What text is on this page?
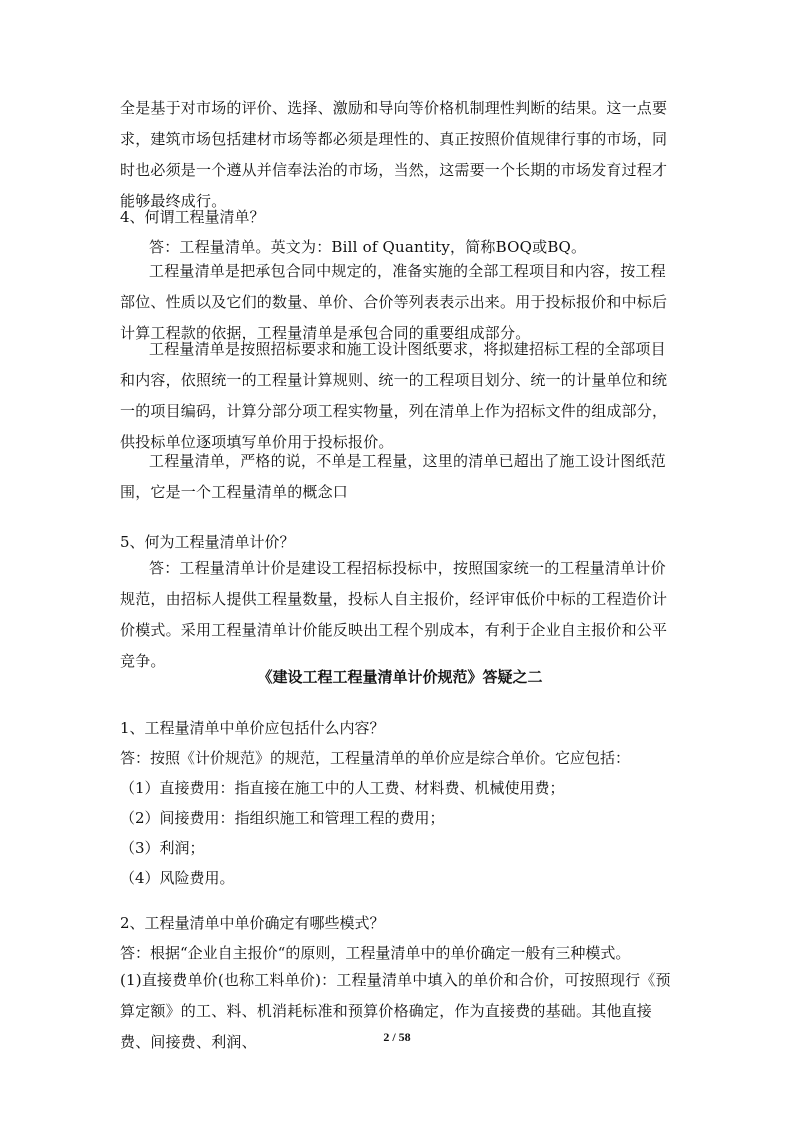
全是基于对市场的评价、选择、激励和导向等价格机制理性判断的结果。这一点要求，建筑市场包括建材市场等都必须是理性的、真正按照价值规律行事的市场，同时也必须是一个遵从并信奉法治的市场，当然，这需要一个长期的市场发育过程才能够最终成行。
4、何谓工程量清单？
答：工程量清单。英文为：Bill of Quantity，简称BOQ或BQ。
工程量清单是把承包合同中规定的，准备实施的全部工程项目和内容，按工程部位、性质以及它们的数量、单价、合价等列表表示出来。用于投标报价和中标后计算工程款的依据，工程量清单是承包合同的重要组成部分。
工程量清单是按照招标要求和施工设计图纸要求，将拟建招标工程的全部项目和内容，依照统一的工程量计算规则、统一的工程项目划分、统一的计量单位和统一的项目编码，计算分部分项工程实物量，列在清单上作为招标文件的组成部分，供投标单位逐项填写单价用于投标报价。
工程量清单，严格的说，不单是工程量，这里的清单已超出了施工设计图纸范围，它是一个工程量清单的概念口
5、何为工程量清单计价？
答：工程量清单计价是建设工程招标投标中，按照国家统一的工程量清单计价规范，由招标人提供工程量数量，投标人自主报价，经评审低价中标的工程造价计价模式。采用工程量清单计价能反映出工程个别成本，有利于企业自主报价和公平竞争。
《建设工程工程量清单计价规范》答疑之二
1、工程量清单中单价应包括什么内容？
答：按照《计价规范》的规范，工程量清单的单价应是综合单价。它应包括：
（1）直接费用：指直接在施工中的人工费、材料费、机械使用费；
（2）间接费用：指组织施工和管理工程的费用；
（3）利润；
（4）风险费用。
2、工程量清单中单价确定有哪些模式？
答：根据“企业自主报价“的原则，工程量清单中的单价确定一般有三种模式。
(1)直接费单价(也称工料单价)：工程量清单中填入的单价和合价，可按照现行《预算定额》的工、料、机消耗标准和预算价格确定，作为直接费的基础。其他直接费、间接费、利润、	2 / 58
